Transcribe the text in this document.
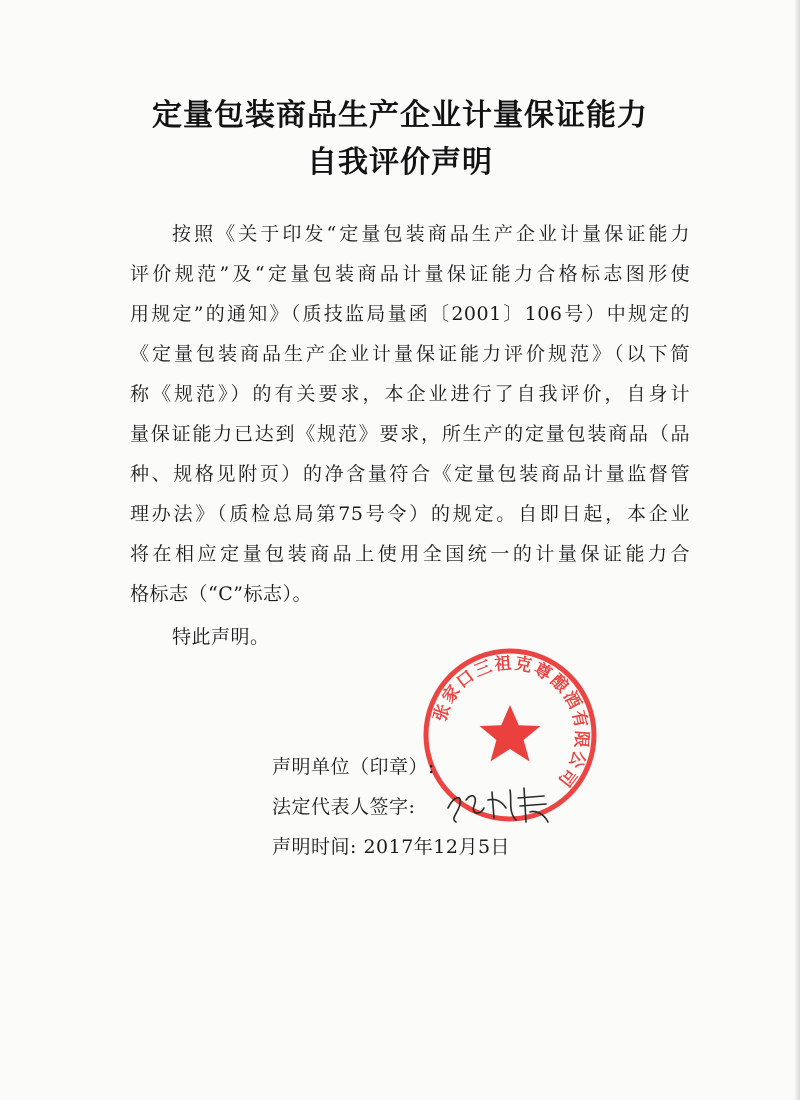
定量包装商品生产企业计量保证能力
自我评价声明
按照《关于印发“定量包装商品生产企业计量保证能力
评价规范”及“定量包装商品计量保证能力合格标志图形使
用规定”的通知》（质技监局量函〔2001〕106号）中规定的
《定量包装商品生产企业计量保证能力评价规范》（以下简
称《规范》）的有关要求，本企业进行了自我评价，自身计
量保证能力已达到《规范》要求，所生产的定量包装商品（品
种、规格见附页）的净含量符合《定量包装商品计量监督管
理办法》（质检总局第75号令）的规定。自即日起，本企业
将在相应定量包装商品上使用全国统一的计量保证能力合
格标志（“C”标志）。
特此声明。
张家口三祖克尊酿酒有限公司
声明单位（印章）:
法定代表人签字:
声明时间: 2017年12月5日
